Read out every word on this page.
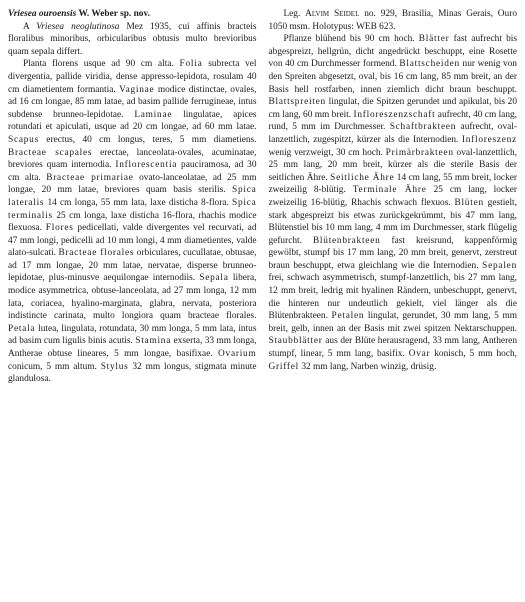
Vriesea ouroensis W. Weber sp. nov.

A Vriesea neoglutinosa Mez 1935, cui affinis bracteis floralibus minoribus, orbicularibus obtusis multo brevioribus quam sepala differt.

Planta florens usque ad 90 cm alta. Folia subrecta vel divergentia, pallide viridia, dense appresso-lepidota, rosulam 40 cm diametientem formantia. Vaginae modice distinctae, ovales, ad 16 cm longae, 85 mm latae, ad basim pallide ferrugineae, intus subdense brunneo-lepidotae. Laminae lingulatae, apices rotundati et apiculati, usque ad 20 cm longae, ad 60 mm latae. Scapus erectus, 40 cm longus, teres, 5 mm diametiens. Bracteae scapales erectae, lanceolata-ovales, acuminatae, breviores quam internodia. Inflorescentia pauciramosa, ad 30 cm alta. Bracteae primariae ovato-lanceolatae, ad 25 mm longae, 20 mm latae, breviores quam basis sterilis. Spica lateralis 14 cm longa, 55 mm lata, laxe disticha 8-flora. Spica terminalis 25 cm longa, laxe disticha 16-flora, rhachis modice flexuosa. Flores pedicellati, valde divergentes vel recurvati, ad 47 mm longi, pedicelli ad 10 mm longi, 4 mm diametientes, valde alato-sulcati. Bracteae florales orbiculares, cucullatae, obtusae, ad 17 mm longae, 20 mm latae, nervatae, disperse brunneo-lepidotae, plus-minusve aequilongae internodiis. Sepala libera, modice asymmetrica, obtuse-lanceolata, ad 27 mm longa, 12 mm lata, coriacea, hyalino-marginata, glabra, nervata, posteriora indistincte carinata, multo longiora quam bracteae florales. Petala lutea, lingulata, rotundata, 30 mm longa, 5 mm lata, intus ad basim cum ligulis binis acutis. Stamina exserta, 33 mm longa, Antherae obtuse lineares, 5 mm longae, basifixae. Ovarium conicum, 5 mm altum. Stylus 32 mm longus, stigmata minute glandulosa.

Leg. Alvim Seidel no. 929, Brasilia, Minas Gerais, Ouro 1050 msm. Holotypus: WEB 623.

Pflanze blühend bis 90 cm hoch. Blätter fast aufrecht bis abgespreizt, hellgrün, dicht angedrückt beschuppt, eine Rosette von 40 cm Durchmesser formend. Blattscheiden nur wenig von den Spreiten abgesetzt, oval, bis 16 cm lang, 85 mm breit, an der Basis hell rostfarben, innen ziemlich dicht braun beschuppt. Blattspreiten lingulat, die Spitzen gerundet und apikulat, bis 20 cm lang, 60 mm breit. Infloreszenzschaft aufrecht, 40 cm lang, rund, 5 mm im Durchmesser. Schaftbrakteen aufrecht, oval-lanzettlich, zugespitzt, kürzer als die Internodien. Infloreszenz wenig verzweigt, 30 cm hoch. Primärbrakteen oval-lanzettlich, 25 mm lang, 20 mm breit, kürzer als die sterile Basis der seitlichen Ähre. Seitliche Ähre 14 cm lang, 55 mm breit, locker zweizeilig 8-blütig. Terminale Ähre 25 cm lang, locker zweizeilig 16-blütig, Rhachis schwach flexuos. Blüten gestielt, stark abgespreizt bis etwas zurückgekrümmt, bis 47 mm lang, Blütenstiel bis 10 mm lang, 4 mm im Durchmesser, stark flügelig gefurcht. Blütenbrakteen fast kreisrund, kappenförmig gewölbt, stumpf bis 17 mm lang, 20 mm breit, genervt, zerstreut braun beschuppt, etwa gleichlang wie die Internodien. Sepalen frei, schwach asymmetrisch, stumpf-lanzettlich, bis 27 mm lang, 12 mm breit, ledrig mit hyalinen Rändern, unbeschuppt, genervt, die hinteren nur undeutlich gekielt, viel länger als die Blütenbrakteen. Petalen lingulat, gerundet, 30 mm lang, 5 mm breit, gelb, innen an der Basis mit zwei spitzen Nektarschuppen. Staubblätter aus der Blüte herausragend, 33 mm lang, Antheren stumpf, linear, 5 mm lang, basifix. Ovar konisch, 5 mm hoch, Griffel 32 mm lang, Narben winzig, drüsig.
